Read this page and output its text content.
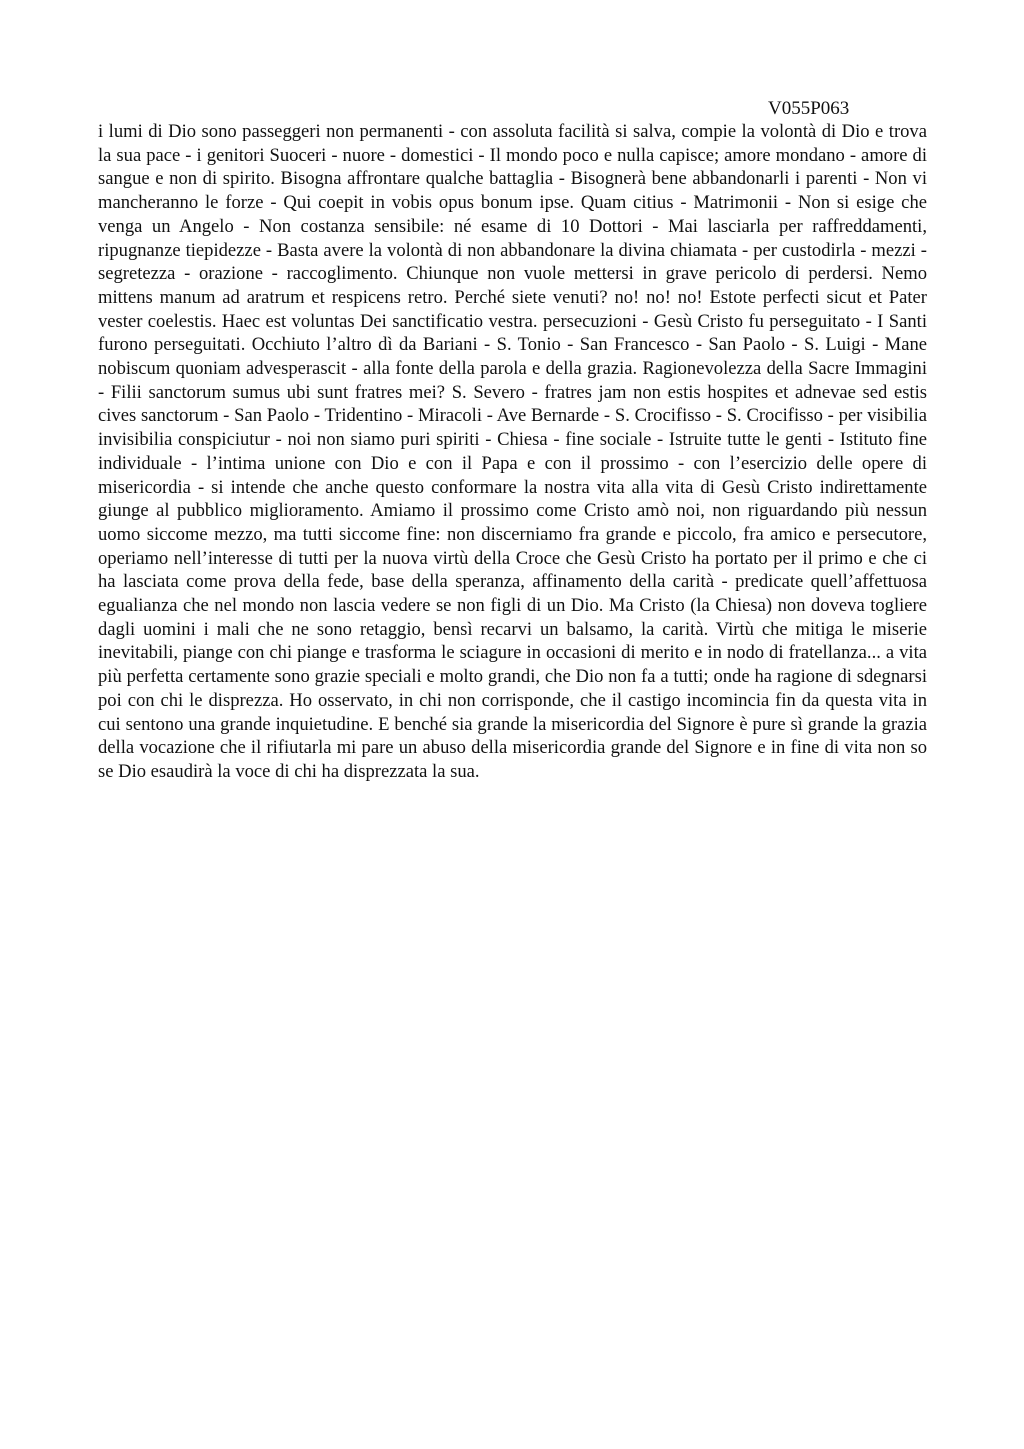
V055P063

i lumi di Dio sono passeggeri non permanenti - con assoluta facilità si salva, compie la volontà di Dio e trova la sua pace - i genitori Suoceri - nuore - domestici - Il mondo poco e nulla capisce; amore mondano - amore di sangue e non di spirito. Bisogna affrontare qualche battaglia - Bisognerà bene abbandonarli i parenti - Non vi mancheranno le forze - Qui coepit in vobis opus bonum ipse. Quam citius - Matrimonii - Non si esige che venga un Angelo - Non costanza sensibile: né esame di 10 Dottori - Mai lasciarla per raffreddamenti, ripugnanze tiepidezze - Basta avere la volontà di non abbandonare la divina chiamata - per custodirla - mezzi - segretezza - orazione - raccoglimento. Chiunque non vuole mettersi in grave pericolo di perdersi. Nemo mittens manum ad aratrum et respicens retro. Perché siete venuti? no! no! no! Estote perfecti sicut et Pater vester coelestis. Haec est voluntas Dei sanctificatio vestra. persecuzioni - Gesù Cristo fu perseguitato - I Santi furono perseguitati. Occhiuto l’altro dì da Bariani - S. Tonio - San Francesco - San Paolo - S. Luigi - Mane nobiscum quoniam advesperascit - alla fonte della parola e della grazia. Ragionevolezza della Sacre Immagini - Filii sanctorum sumus ubi sunt fratres mei? S. Severo - fratres jam non estis hospites et adnevae sed estis cives sanctorum - San Paolo - Tridentino - Miracoli - Ave Bernarde - S. Crocifisso - S. Crocifisso - per visibilia invisibilia conspiciutur - noi non siamo puri spiriti - Chiesa - fine sociale - Istruite tutte le genti - Istituto fine individuale - l’intima unione con Dio e con il Papa e con il prossimo - con l’esercizio delle opere di misericordia - si intende che anche questo conformare la nostra vita alla vita di Gesù Cristo indirettamente giunge al pubblico miglioramento. Amiamo il prossimo come Cristo amò noi, non riguardando più nessun uomo siccome mezzo, ma tutti siccome fine: non discerniamo fra grande e piccolo, fra amico e persecutore, operiamo nell’interesse di tutti per la nuova virtù della Croce che Gesù Cristo ha portato per il primo e che ci ha lasciata come prova della fede, base della speranza, affinamento della carità - predicate quell’affettuosa egualianza che nel mondo non lascia vedere se non figli di un Dio. Ma Cristo (la Chiesa) non doveva togliere dagli uomini i mali che ne sono retaggio, bensì recarvi un balsamo, la carità. Virtù che mitiga le miserie inevitabili, piange con chi piange e trasforma le sciagure in occasioni di merito e in nodo di fratellanza... a vita più perfetta certamente sono grazie speciali e molto grandi, che Dio non fa a tutti; onde ha ragione di sdegnarsi poi con chi le disprezza. Ho osservato, in chi non corrisponde, che il castigo incomincia fin da questa vita in cui sentono una grande inquietudine. E benché sia grande la misericordia del Signore è pure sì grande la grazia della vocazione che il rifiutarla mi pare un abuso della misericordia grande del Signore e in fine di vita non so se Dio esaudirà la voce di chi ha disprezzata la sua.
